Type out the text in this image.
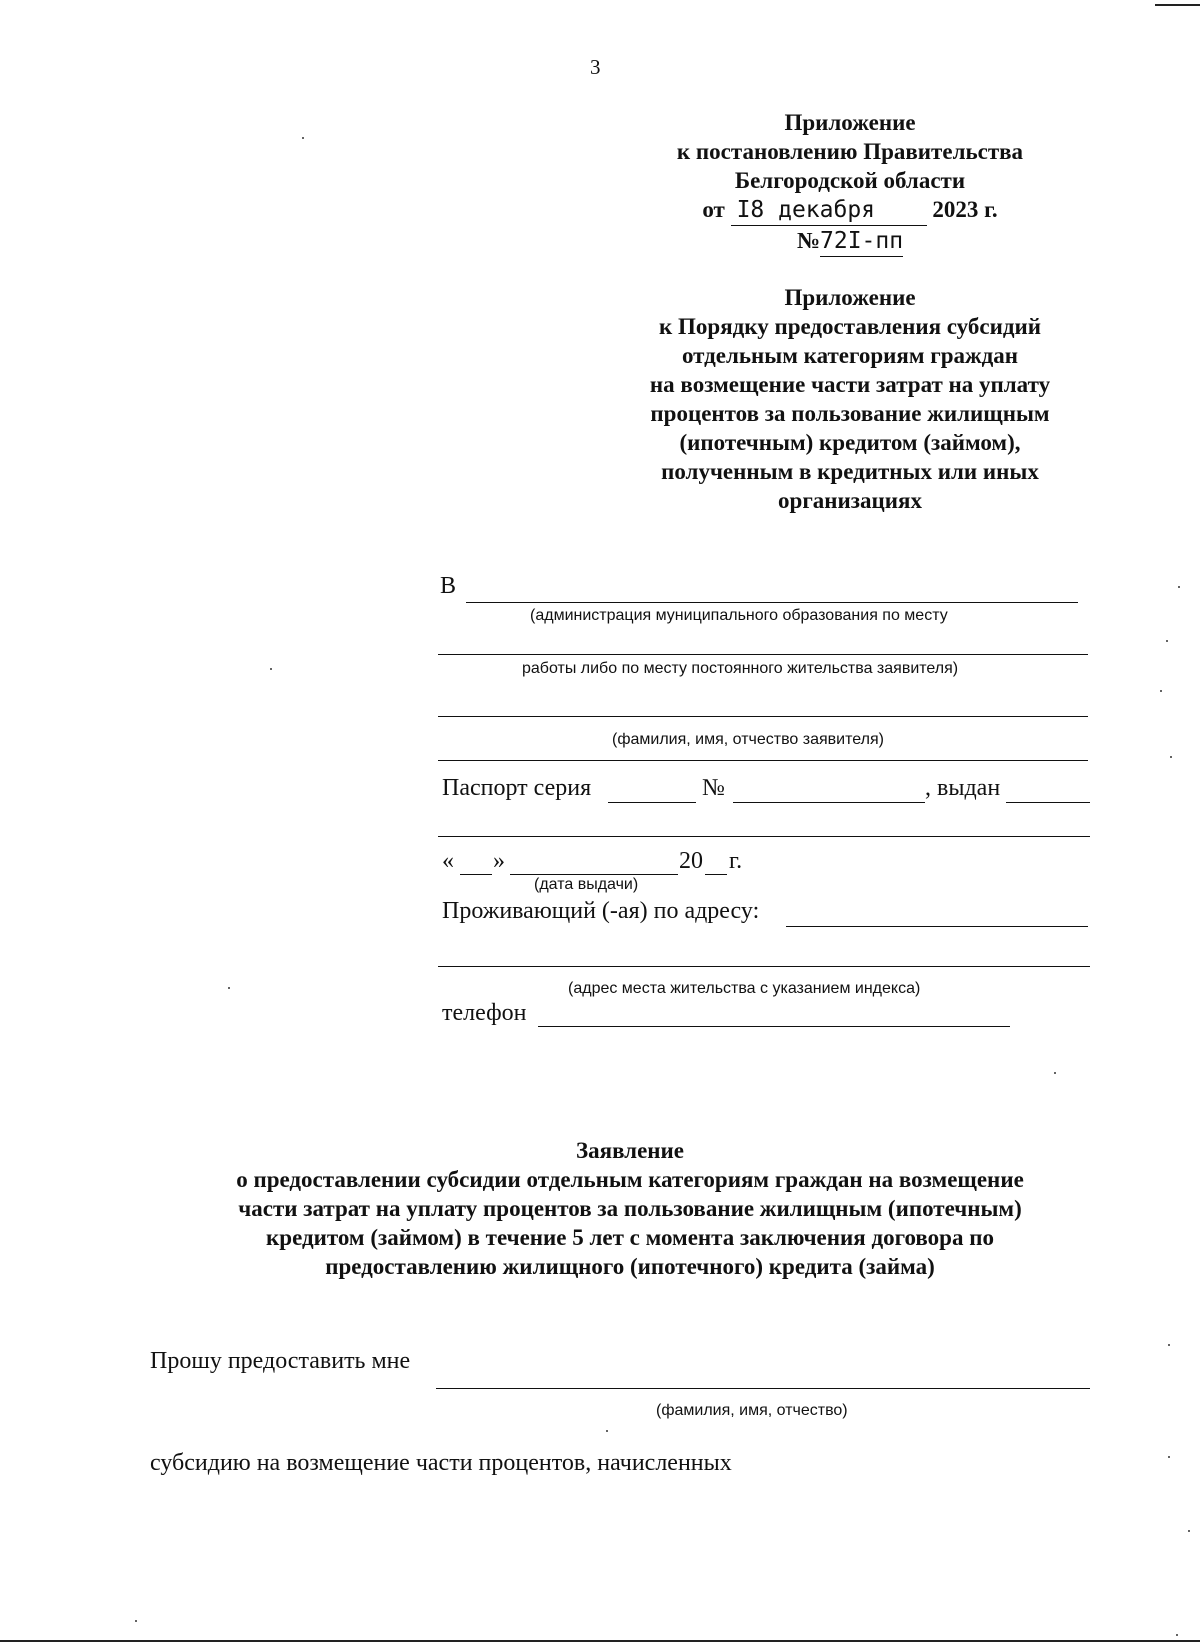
3
Приложение
к постановлению Правительства
Белгородской области
от I8 декабря 2023 г.
№72I-пп
Приложение
к Порядку предоставления субсидий
отдельным категориям граждан
на возмещение части затрат на уплату
процентов за пользование жилищным
(ипотечным) кредитом (займом),
полученным в кредитных или иных
организациях
В
(администрация муниципального образования по месту
работы либо по месту постоянного жительства заявителя)
(фамилия, имя, отчество заявителя)
Паспорт серия	№	, выдан
« »	20 г.
(дата выдачи)
Проживающий (-ая) по адресу:
(адрес места жительства с указанием индекса)
телефон
Заявление
о предоставлении субсидии отдельным категориям граждан на возмещение
части затрат на уплату процентов за пользование жилищным (ипотечным)
кредитом (займом) в течение 5 лет с момента заключения договора по
предоставлению жилищного (ипотечного) кредита (займа)
Прошу предоставить мне
(фамилия, имя, отчество)
субсидию на возмещение части процентов, начисленных
